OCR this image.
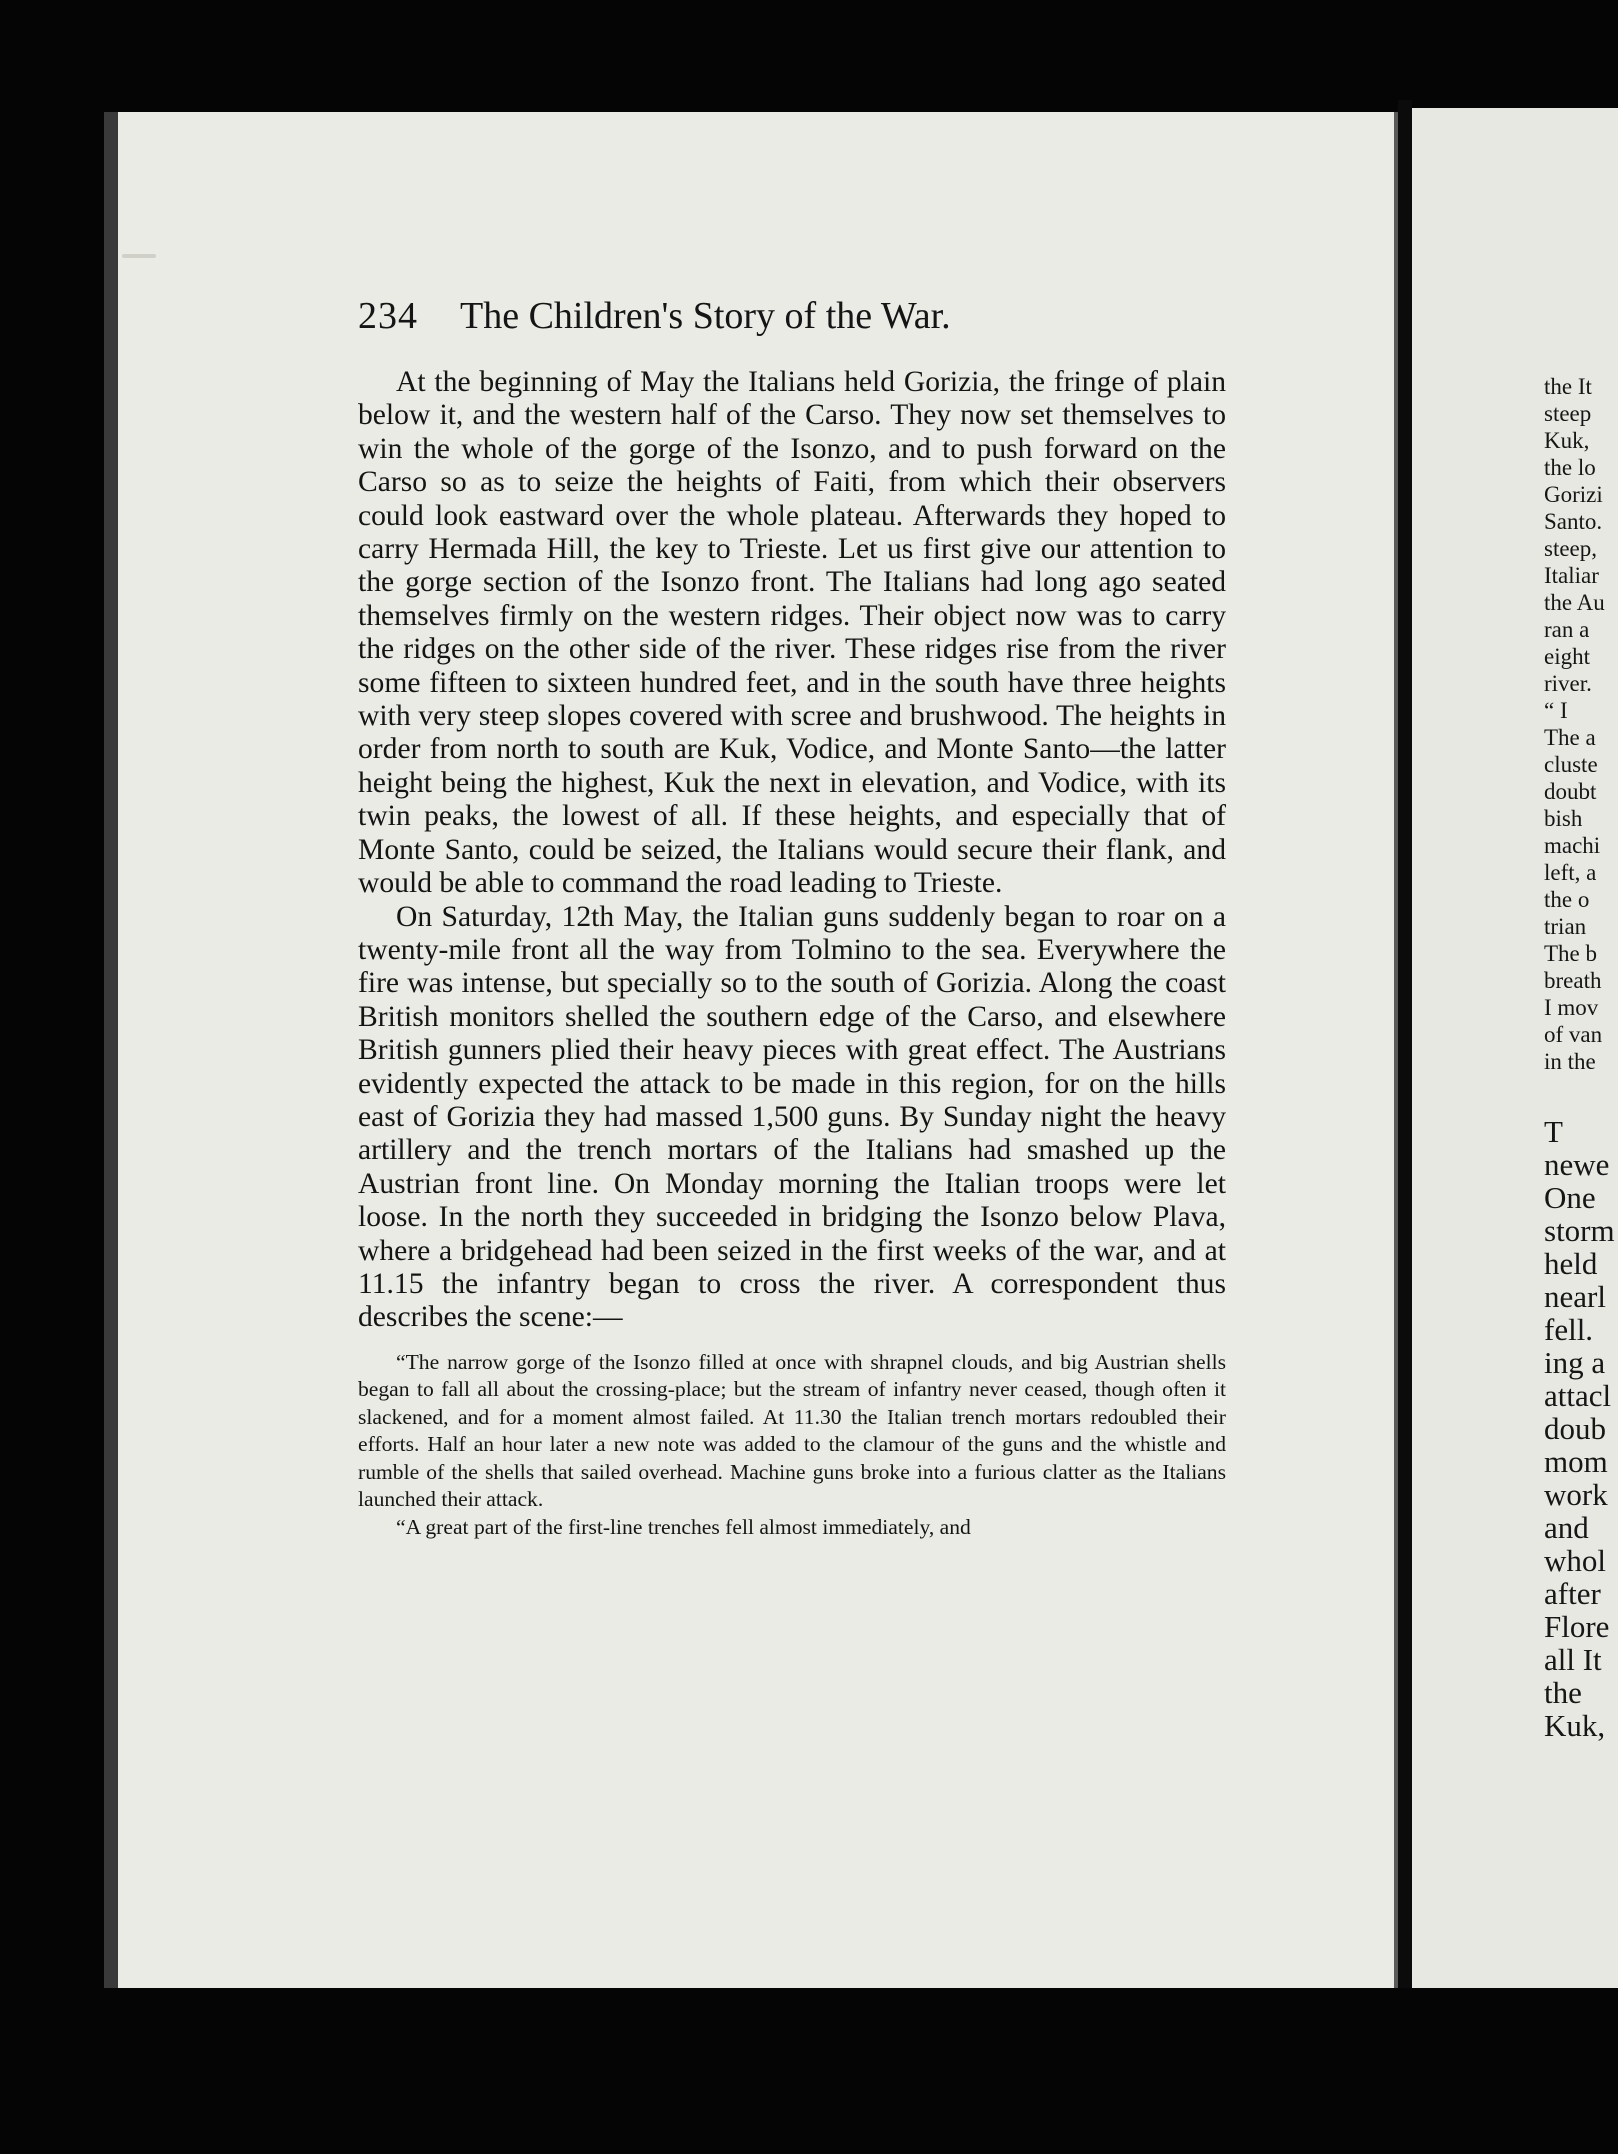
the It
steep
Kuk,
the lo
Gorizi
Santo.
steep,
Italiar
the Au
ran a
eight
river.
“ I
The a
cluste
doubt
bish
machi
left, a
the o
trian
The b
breath
I mov
of van
in the
T
newe
One
storm
held
nearl
fell.
ing a
attacl
doub
mom
work
and
whol
after
Flore
all It
the
Kuk,
234 The Children's Story of the War.

At the beginning of May the Italians held Gorizia, the fringe of plain below it, and the western half of the Carso. They now set themselves to win the whole of the gorge of the Isonzo, and to push forward on the Carso so as to seize the heights of Faiti, from which their observers could look eastward over the whole plateau. Afterwards they hoped to carry Hermada Hill, the key to Trieste. Let us first give our attention to the gorge section of the Isonzo front. The Italians had long ago seated themselves firmly on the western ridges. Their object now was to carry the ridges on the other side of the river. These ridges rise from the river some fifteen to sixteen hundred feet, and in the south have three heights with very steep slopes covered with scree and brushwood. The heights in order from north to south are Kuk, Vodice, and Monte Santo—the latter height being the highest, Kuk the next in elevation, and Vodice, with its twin peaks, the lowest of all. If these heights, and especially that of Monte Santo, could be seized, the Italians would secure their flank, and would be able to command the road leading to Trieste.

On Saturday, 12th May, the Italian guns suddenly began to roar on a twenty-mile front all the way from Tolmino to the sea. Everywhere the fire was intense, but specially so to the south of Gorizia. Along the coast British monitors shelled the southern edge of the Carso, and elsewhere British gunners plied their heavy pieces with great effect. The Austrians evidently expected the attack to be made in this region, for on the hills east of Gorizia they had massed 1,500 guns. By Sunday night the heavy artillery and the trench mortars of the Italians had smashed up the Austrian front line. On Monday morning the Italian troops were let loose. In the north they succeeded in bridging the Isonzo below Plava, where a bridgehead had been seized in the first weeks of the war, and at 11.15 the infantry began to cross the river. A correspondent thus describes the scene:—

“The narrow gorge of the Isonzo filled at once with shrapnel clouds, and big Austrian shells began to fall all about the crossing-place; but the stream of infantry never ceased, though often it slackened, and for a moment almost failed. At 11.30 the Italian trench mortars redoubled their efforts. Half an hour later a new note was added to the clamour of the guns and the whistle and rumble of the shells that sailed overhead. Machine guns broke into a furious clatter as the Italians launched their attack.

“A great part of the first-line trenches fell almost immediately, and
